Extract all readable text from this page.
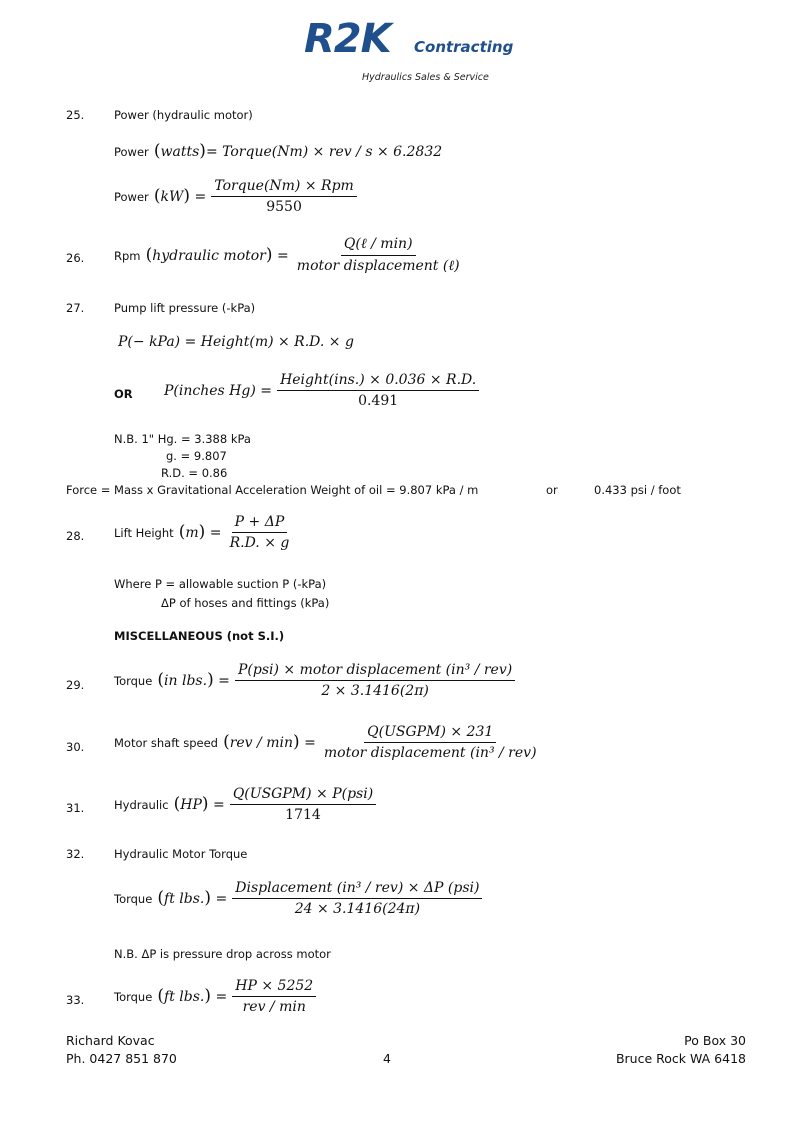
R2K Contracting
Hydraulics Sales & Service
25.	Power (hydraulic motor)
Power (watts)= Torque(Nm) × rev / s × 6.2832
Power $(kW) = \frac{\text{Torque(Nm) × Rpm}}{9550}$
26.	Rpm (hydraulic motor) = $\frac{\text{Q(ℓ / min)}}{\text{motor displacement (ℓ)}}$
27.	Pump lift pressure (-kPa)
P(− kPa) = Height(m) × R.D. × g
OR P(inches $Hg) = \frac{\text{Height(ins.) × 0.036 × R.D.}}{0.491}$
N.B. 1" Hg. = 3.388 kPa
g. = 9.807
R.D. = 0.86
Force = Mass x Gravitational Acceleration Weight of oil = 9.807 kPa / m	or	0.433 psi / foot
28.	Lift Height $(m) = \frac{P + \Delta P}{R.D. \times g}$
Where P = allowable suction P (-kPa)
ΔP of hoses and fittings (kPa)
MISCELLANEOUS (not S.I.)
29.	Torque (in $lbs.) = \frac{\text{P(psi) × motor displacement (in³ / rev)}}{2 \times 3.1416(2\pi)}$
30.	Motor shaft speed $(rev / \min) = \frac{\text{Q(USGPM) × 231}}{\text{motor displacement (in³ / rev)}}$
31.	Hydraulic $(HP) = \frac{\text{Q(USGPM) × P(psi)}}{1714}$
32.	Hydraulic Motor Torque
Torque (ft $lbs.) = \frac{\text{Displacement (in³ / rev) × ΔP (psi)}}{24 \times 3.1416(24\pi)}$
N.B. ΔP is pressure drop across motor
33.	Torque (ft $lbs.) = \frac{HP \times 5252}{\text{rev / min}}$
Richard Kovac
Ph. 0427 851 870	4
Po Box 30
Bruce Rock WA 6418
